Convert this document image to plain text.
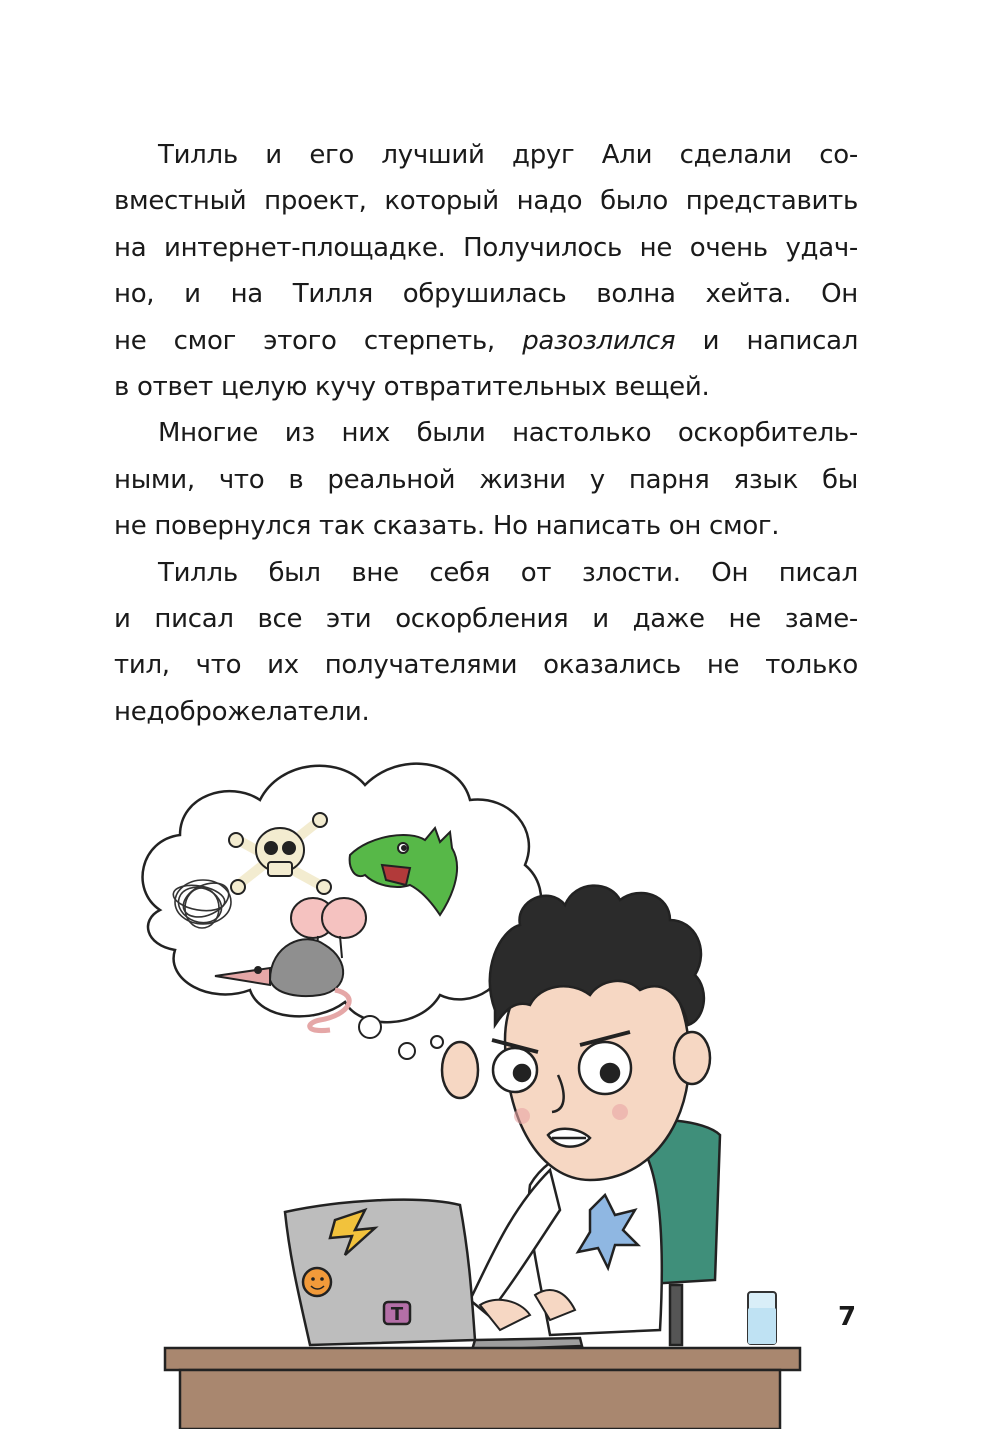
Тилль и его лучший друг Али сделали со-
вместный проект, который надо было представить
на интернет-площадке. Получилось не очень удач-
но, и на Тилля обрушилась волна хейта. Он
не смог этого стерпеть, разозлился и написал
в ответ целую кучу отвратительных вещей.
Многие из них были настолько оскорбитель-
ными, что в реальной жизни у парня язык бы
не повернулся так сказать. Но написать он смог.
Тилль был вне себя от злости. Он писал
и писал все эти оскорбления и даже не заме-
тил, что их получателями оказались не только
недоброжелатели.
T	7
